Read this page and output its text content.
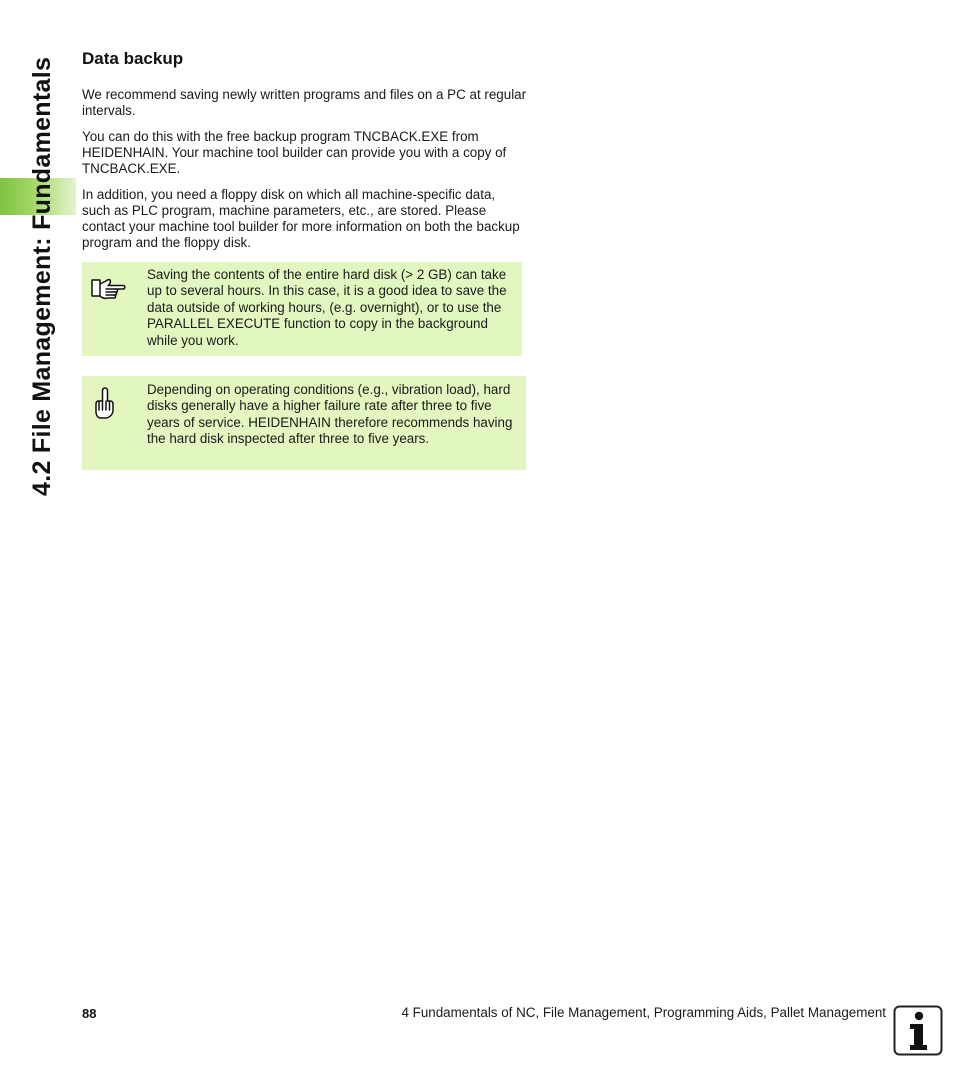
4.2 File Management: Fundamentals Data backup

We recommend saving newly written programs and files on a PC at regular intervals.

You can do this with the free backup program TNCBACK.EXE from HEIDENHAIN. Your machine tool builder can provide you with a copy of TNCBACK.EXE.

In addition, you need a floppy disk on which all machine-specific data, such as PLC program, machine parameters, etc., are stored. Please contact your machine tool builder for more information on both the backup program and the floppy disk.

Saving the contents of the entire hard disk (> 2 GB) can take up to several hours. In this case, it is a good idea to save the data outside of working hours, (e.g. overnight), or to use the PARALLEL EXECUTE function to copy in the background while you work.

Depending on operating conditions (e.g., vibration load), hard disks generally have a higher failure rate after three to five years of service. HEIDENHAIN therefore recommends having the hard disk inspected after three to five years.

88	4 Fundamentals of NC, File Management, Programming Aids, Pallet Management
